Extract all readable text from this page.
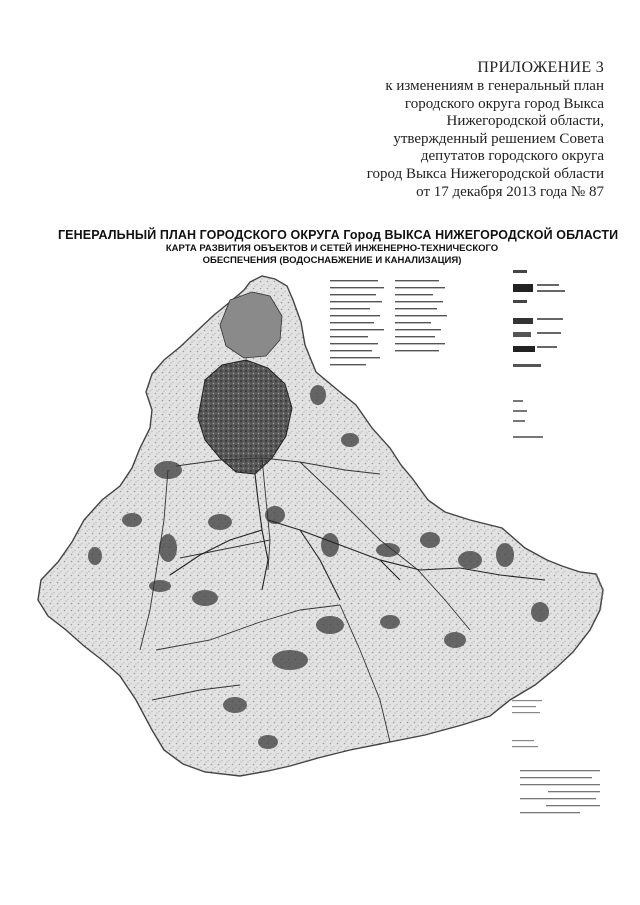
ПРИЛОЖЕНИЕ 3
к изменениям в генеральный план
городского округа город Выкса
Нижегородской области,
утвержденный решением Совета
депутатов городского округа
город Выкса Нижегородской области
от 17 декабря 2013 года № 87
ГЕНЕРАЛЬНЫЙ ПЛАН ГОРОДСКОГО ОКРУГА Город ВЫКСА НИЖЕГОРОДСКОЙ ОБЛАСТИ
КАРТА РАЗВИТИЯ ОБЪЕКТОВ И СЕТЕЙ ИНЖЕНЕРНО-ТЕХНИЧЕСКОГО
ОБЕСПЕЧЕНИЯ (ВОДОСНАБЖЕНИЕ И КАНАЛИЗАЦИЯ)
